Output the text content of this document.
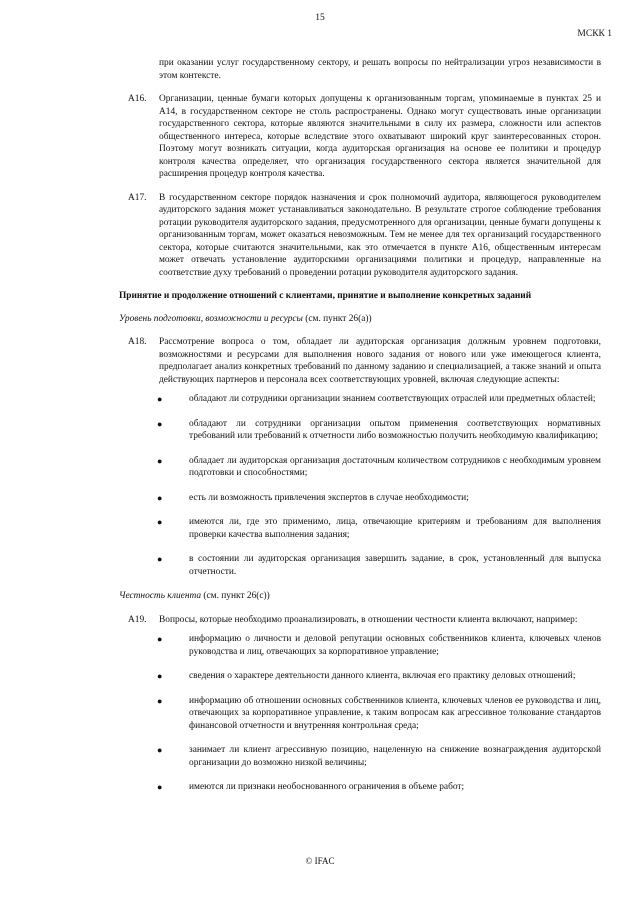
15
МСКК 1

при оказании услуг государственному сектору, и решать вопросы по нейтрализации угроз независимости в этом контексте.

A16. Организации, ценные бумаги которых допущены к организованным торгам, упоминаемые в пунктах 25 и A14, в государственном секторе не столь распространены. Однако могут существовать иные организации государственного сектора, которые являются значительными в силу их размера, сложности или аспектов общественного интереса, которые вследствие этого охватывают широкий круг заинтересованных сторон. Поэтому могут возникать ситуации, когда аудиторская организация на основе ее политики и процедур контроля качества определяет, что организация государственного сектора является значительной для расширения процедур контроля качества.

A17. В государственном секторе порядок назначения и срок полномочий аудитора, являющегося руководителем аудиторского задания может устанавливаться законодательно. В результате строгое соблюдение требования ротации руководителя аудиторского задания, предусмотренного для организации, ценные бумаги допущены к организованным торгам, может оказаться невозможным. Тем не менее для тех организаций государственного сектора, которые считаются значительными, как это отмечается в пункте A16, общественным интересам может отвечать установление аудиторскими организациями политики и процедур, направленные на соответствие духу требований о проведении ротации руководителя аудиторского задания.

Принятие и продолжение отношений с клиентами, принятие и выполнение конкретных заданий
Уровень подготовки, возможности и ресурсы (см. пункт 26(a))
A18. Рассмотрение вопроса о том, обладает ли аудиторская организация должным уровнем подготовки, возможностями и ресурсами для выполнения нового задания от нового или уже имеющегося клиента, предполагает анализ конкретных требований по данному заданию и специализацией, а также знаний и опыта действующих партнеров и персонала всех соответствующих уровней, включая следующие аспекты:

●	обладают ли сотрудники организации знанием соответствующих отраслей или предметных областей;
●	обладают ли сотрудники организации опытом применения соответствующих нормативных требований или требований к отчетности либо возможностью получить необходимую квалификацию;
●	обладает ли аудиторская организация достаточным количеством сотрудников с необходимым уровнем подготовки и способностями;
●	есть ли возможность привлечения экспертов в случае необходимости;
●	имеются ли, где это применимо, лица, отвечающие критериям и требованиям для выполнения проверки качества выполнения задания;
●	в состоянии ли аудиторская организация завершить задание, в срок, установленный для выпуска отчетности.
Честность клиента (см. пункт 26(c))
A19. Вопросы, которые необходимо проанализировать, в отношении честности клиента включают, например:

●	информацию о личности и деловой репутации основных собственников клиента, ключевых членов руководства и лиц, отвечающих за корпоративное управление;
●	сведения о характере деятельности данного клиента, включая его практику деловых отношений;
●	информацию об отношении основных собственников клиента, ключевых членов ее руководства и лиц, отвечающих за корпоративное управление, к таким вопросам как агрессивное толкование стандартов финансовой отчетности и внутренняя контрольная среда;
●	занимает ли клиент агрессивную позицию, нацеленную на снижение вознаграждения аудиторской организации до возможно низкой величины;
●	имеются ли признаки необоснованного ограничения в объеме работ;
© IFAC
